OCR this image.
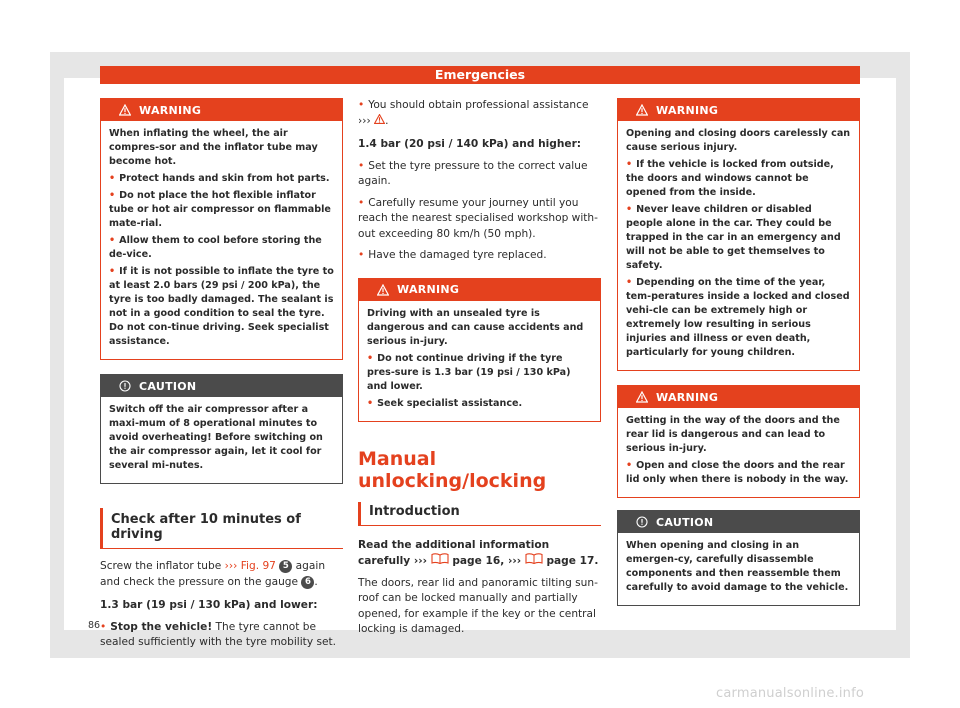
Emergencies
WARNING

When inflating the wheel, the air compres-sor and the inflator tube may become hot.

• Protect hands and skin from hot parts.

• Do not place the hot flexible inflator tube or hot air compressor on flammable mate-rial.

• Allow them to cool before storing the de-vice.

• If it is not possible to inflate the tyre to at least 2.0 bars (29 psi / 200 kPa), the tyre is too badly damaged. The sealant is not in a good condition to seal the tyre. Do not con-tinue driving. Seek specialist assistance.

CAUTION

Switch off the air compressor after a maxi-mum of 8 operational minutes to avoid overheating! Before switching on the air compressor again, let it cool for several mi-nutes.

Check after 10 minutes of driving

Screw the inflator tube ››› Fig. 97 5 again and check the pressure on the gauge 6 .

1.3 bar (19 psi / 130 kPa) and lower:

• Stop the vehicle! The tyre cannot be sealed sufficiently with the tyre mobility set.

• You should obtain professional assistance ››› .

1.4 bar (20 psi / 140 kPa) and higher:

• Set the tyre pressure to the correct value again.

• Carefully resume your journey until you reach the nearest specialised workshop with-out exceeding 80 km/h (50 mph).

• Have the damaged tyre replaced.

WARNING

Driving with an unsealed tyre is dangerous and can cause accidents and serious in-jury.

• Do not continue driving if the tyre pres-sure is 1.3 bar (19 psi / 130 kPa) and lower.

• Seek specialist assistance.

Manual unlocking/locking
Introduction

Read the additional information carefully ›››  page 16, ›››  page 17.

The doors, rear lid and panoramic tilting sun-roof can be locked manually and partially opened, for example if the key or the central locking is damaged.

WARNING

Opening and closing doors carelessly can cause serious injury.

• If the vehicle is locked from outside, the doors and windows cannot be opened from the inside.

• Never leave children or disabled people alone in the car. They could be trapped in the car in an emergency and will not be able to get themselves to safety.

• Depending on the time of the year, tem-peratures inside a locked and closed vehi-cle can be extremely high or extremely low resulting in serious injuries and illness or even death, particularly for young children.

WARNING

Getting in the way of the doors and the rear lid is dangerous and can lead to serious in-jury.

• Open and close the doors and the rear lid only when there is nobody in the way.

CAUTION

When opening and closing in an emergen-cy, carefully disassemble components and then reassemble them carefully to avoid damage to the vehicle.

86
carmanualsonline.info
